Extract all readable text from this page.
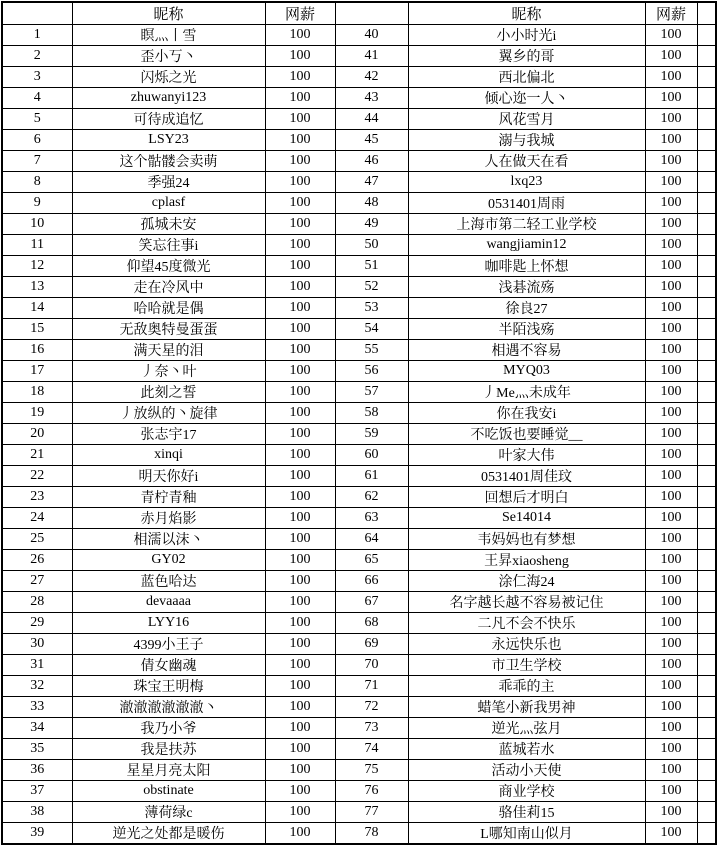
	昵称	网薪		昵称	网薪	
1	瞑灬丨雪	100	40	小小时光i	100	
2	歪小丂丶	100	41	翼乡的哥	100	
3	闪烁之光	100	42	西北偏北	100	
4	zhuwanyi123	100	43	倾心迩一人丶	100	
5	可待成追忆	100	44	风花雪月	100	
6	LSY23	100	45	溺与我城	100	
7	这个骷髅会卖萌	100	46	人在做天在看	100	
8	季强24	100	47	lxq23	100	
9	cplasf	100	48	0531401周雨	100	
10	孤城未安	100	49	上海市第二轻工业学校	100	
11	笑忘往事i	100	50	wangjiamin12	100	
12	仰望45度微光	100	51	咖啡匙上怀想	100	
13	走在冷风中	100	52	浅碁流殇	100	
14	哈哈就是偶	100	53	徐良27	100	
15	无敌奥特曼蛋蛋	100	54	半陌浅殇	100	
16	满天星的泪	100	55	相遇不容易	100	
17	丿奈丶叶	100	56	MYQ03	100	
18	此刻之誓	100	57	丿Me灬未成年	100	
19	丿放纵的丶旋律	100	58	你在我安i	100	
20	张志宇17	100	59	不吃饭也要睡觉__	100	
21	xinqi	100	60	叶家大伟	100	
22	明天你好i	100	61	0531401周佳玟	100	
23	青柠青釉	100	62	回想后才明白	100	
24	赤月焰影	100	63	Se14014	100	
25	相濡以沫丶	100	64	韦妈妈也有梦想	100	
26	GY02	100	65	王昇xiaosheng	100	
27	蓝色哈达	100	66	涂仁海24	100	
28	devaaaa	100	67	名字越长越不容易被记住	100	
29	LYY16	100	68	二凡不会不快乐	100	
30	4399小王子	100	69	永远快乐也	100	
31	倩女幽魂	100	70	市卫生学校	100	
32	珠宝王明梅	100	71	乖乖的主	100	
33	澈澈澈澈澈澈丶	100	72	蜡笔小新我男神	100	
34	我乃小爷	100	73	逆光灬弦月	100	
35	我是扶苏	100	74	蓝城若水	100	
36	星星月亮太阳	100	75	活动小天使	100	
37	obstinate	100	76	商业学校	100	
38	薄荷绿c	100	77	骆佳莉15	100	
39	逆光之处都是暖伤	100	78	L哪知南山似月	100	
